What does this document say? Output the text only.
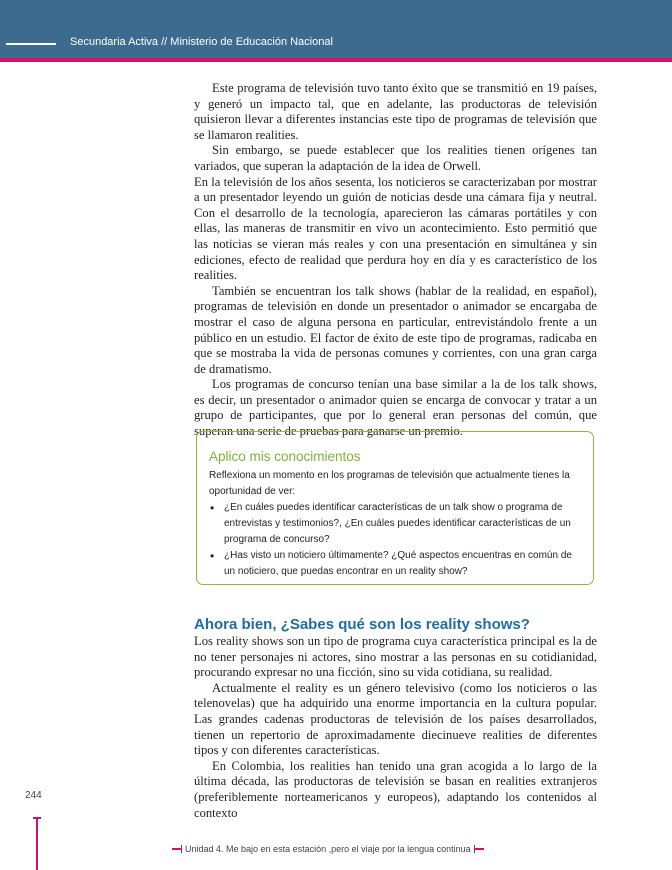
Secundaria Activa // Ministerio de Educación Nacional

Este programa de televisión tuvo tanto éxito que se transmitió en 19 países, y generó un impacto tal, que en adelante, las productoras de televisión quisieron llevar a diferentes instancias este tipo de programas de televisión que se llamaron realities.

Sin embargo, se puede establecer que los realities tienen orígenes tan variados, que superan la adaptación de la idea de Orwell.

En la televisión de los años sesenta, los noticieros se caracterizaban por mostrar a un presentador leyendo un guión de noticias desde una cámara fija y neutral. Con el desarrollo de la tecnología, aparecieron las cámaras portátiles y con ellas, las maneras de transmitir en vivo un acontecimiento. Esto permitió que las noticias se vieran más reales y con una presentación en simultánea y sin ediciones, efecto de realidad que perdura hoy en día y es característico de los realities.

También se encuentran los talk shows (hablar de la realidad, en español), programas de televisión en donde un presentador o animador se encargaba de mostrar el caso de alguna persona en particular, entrevistándolo frente a un público en un estudio. El factor de éxito de este tipo de programas, radicaba en que se mostraba la vida de personas comunes y corrientes, con una gran carga de dramatismo.

Los programas de concurso tenían una base similar a la de los talk shows, es decir, un presentador o animador quien se encarga de convocar y tratar a un grupo de participantes, que por lo general eran personas del común, que superan una serie de pruebas para ganarse un premio.

Aplico mis conocimientos

Reflexiona un momento en los programas de televisión que actualmente tienes la oportunidad de ver:

• ¿En cuáles puedes identificar características de un talk show o programa de entrevistas y testimonios?, ¿En cuáles puedes identificar características de un programa de concurso?
• ¿Has visto un noticiero últimamente? ¿Qué aspectos encuentras en común de un noticiero, que puedas encontrar en un reality show?
Ahora bien, ¿Sabes qué son los reality shows?

Los reality shows son un tipo de programa cuya característica principal es la de no tener personajes ni actores, sino mostrar a las personas en su cotidianidad, procurando expresar no una ficción, sino su vida cotidiana, su realidad.

Actualmente el reality es un género televisivo (como los noticieros o las telenovelas) que ha adquirido una enorme importancia en la cultura popular. Las grandes cadenas productoras de televisión de los países desarrollados, tienen un repertorio de aproximadamente diecinueve realities de diferentes tipos y con diferentes características.

En Colombia, los realities han tenido una gran acogida a lo largo de la última década, las productoras de televisión se basan en realities extranjeros (preferiblemente norteamericanos y europeos), adaptando los contenidos al contexto

244
Unidad 4. Me bajo en esta estación ,pero el viaje por la lengua continua
